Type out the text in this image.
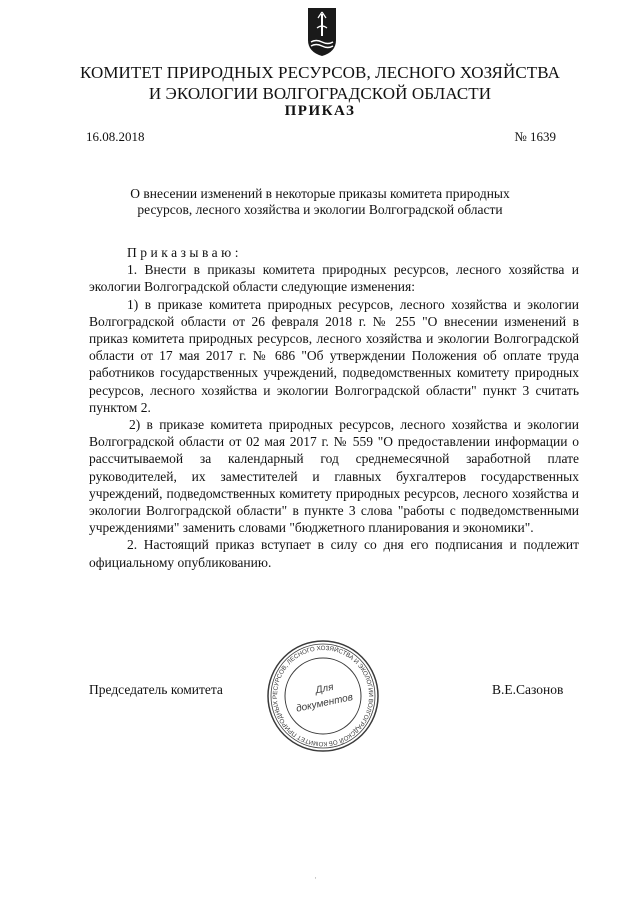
КОМИТЕТ ПРИРОДНЫХ РЕСУРСОВ, ЛЕСНОГО ХОЗЯЙСТВА
И ЭКОЛОГИИ ВОЛГОГРАДСКОЙ ОБЛАСТИ
ПРИКАЗ
16.08.2018	№ 1639
О внесении изменений в некоторые приказы комитета природных
ресурсов, лесного хозяйства и экологии Волгоградской области

Приказываю:

1. Внести в приказы комитета природных ресурсов, лесного хозяйства и экологии Волгоградской области следующие изменения:

1) в приказе комитета природных ресурсов, лесного хозяйства и экологии Волгоградской области от 26 февраля 2018 г. № 255 "О внесении изменений в приказ комитета природных ресурсов, лесного хозяйства и экологии Волгоградской области от 17 мая 2017 г. № 686 "Об утверждении Положения об оплате труда работников государственных учреждений, подведомственных комитету природных ресурсов, лесного хозяйства и экологии Волгоградской области" пункт 3 считать пунктом 2.

2) в приказе комитета природных ресурсов, лесного хозяйства и экологии Волгоградской области от 02 мая 2017 г. № 559 "О предоставлении информации о рассчитываемой за календарный год среднемесячной заработной плате руководителей, их заместителей и главных бухгалтеров государственных учреждений, подведомственных комитету природных ресурсов, лесного хозяйства и экологии Волгоградской области" в пункте 3 слова "работы с подведомственными учреждениями" заменить словами "бюджетного планирования и экономики".

2. Настоящий приказ вступает в силу со дня его подписания и подлежит официальному опубликованию.

Председатель комитета	В.Е.Сазонов
КОМИТЕТ ПРИРОДНЫХ РЕСУРСОВ, ЛЕСНОГО ХОЗЯЙСТВА И ЭКОЛОГИИ ВОЛГОГРАДСКОЙ ОБЛАСТИ
Для
документов
·
